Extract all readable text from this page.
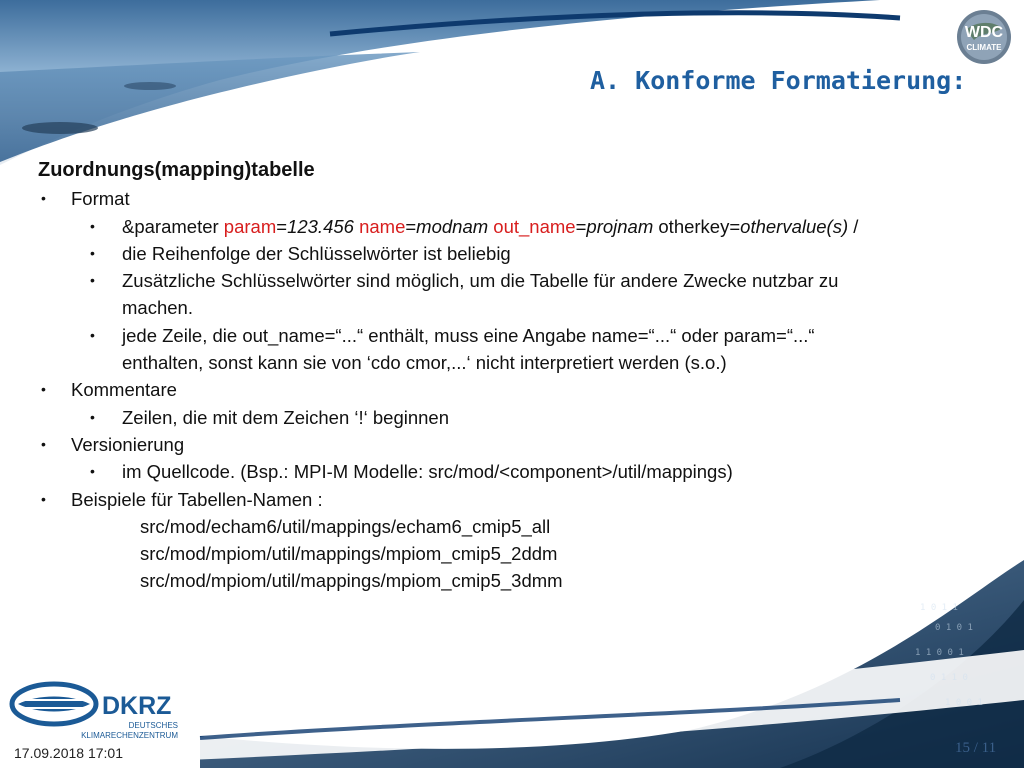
1 0 1 1
0 1 0 1
1 1 0 0 1
0 1 1 0
1 0 0 1
WDC
CLIMATE
A. Konforme Formatierung:
Zuordnungs(mapping)tabelle
• Format
• &parameter param=123.456 name=modnam out_name=projnam otherkey=othervalue(s) /
• die Reihenfolge der Schlüsselwörter ist beliebig
• Zusätzliche Schlüsselwörter sind möglich, um die Tabelle für andere Zwecke nutzbar zu
machen.
• jede Zeile, die out_name=“...“ enthält, muss eine Angabe name=“...“ oder param=“...“
enthalten, sonst kann sie von ‘cdo cmor,...‘ nicht interpretiert werden (s.o.)
• Kommentare
• Zeilen, die mit dem Zeichen ‘!‘ beginnen
• Versionierung
• im Quellcode. (Bsp.: MPI-M Modelle: src/mod/<component>/util/mappings)
• Beispiele für Tabellen-Namen :
src/mod/echam6/util/mappings/echam6_cmip5_all
src/mod/mpiom/util/mappings/mpiom_cmip5_2ddm
src/mod/mpiom/util/mappings/mpiom_cmip5_3dmm
DKRZ
DEUTSCHES
KLIMARECHENZENTRUM
17.09.2018 17:01	15 / 11
